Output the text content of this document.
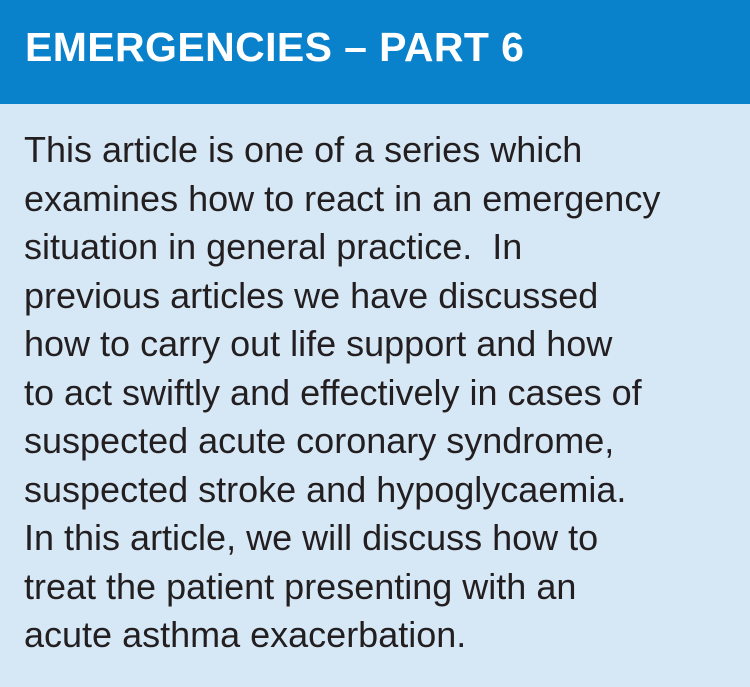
EMERGENCIES – PART 6
This article is one of a series which
examines how to react in an emergency
situation in general practice.  In
previous articles we have discussed
how to carry out life support and how
to act swiftly and effectively in cases of
suspected acute coronary syndrome,
suspected stroke and hypoglycaemia.
In this article, we will discuss how to
treat the patient presenting with an
acute asthma exacerbation.
